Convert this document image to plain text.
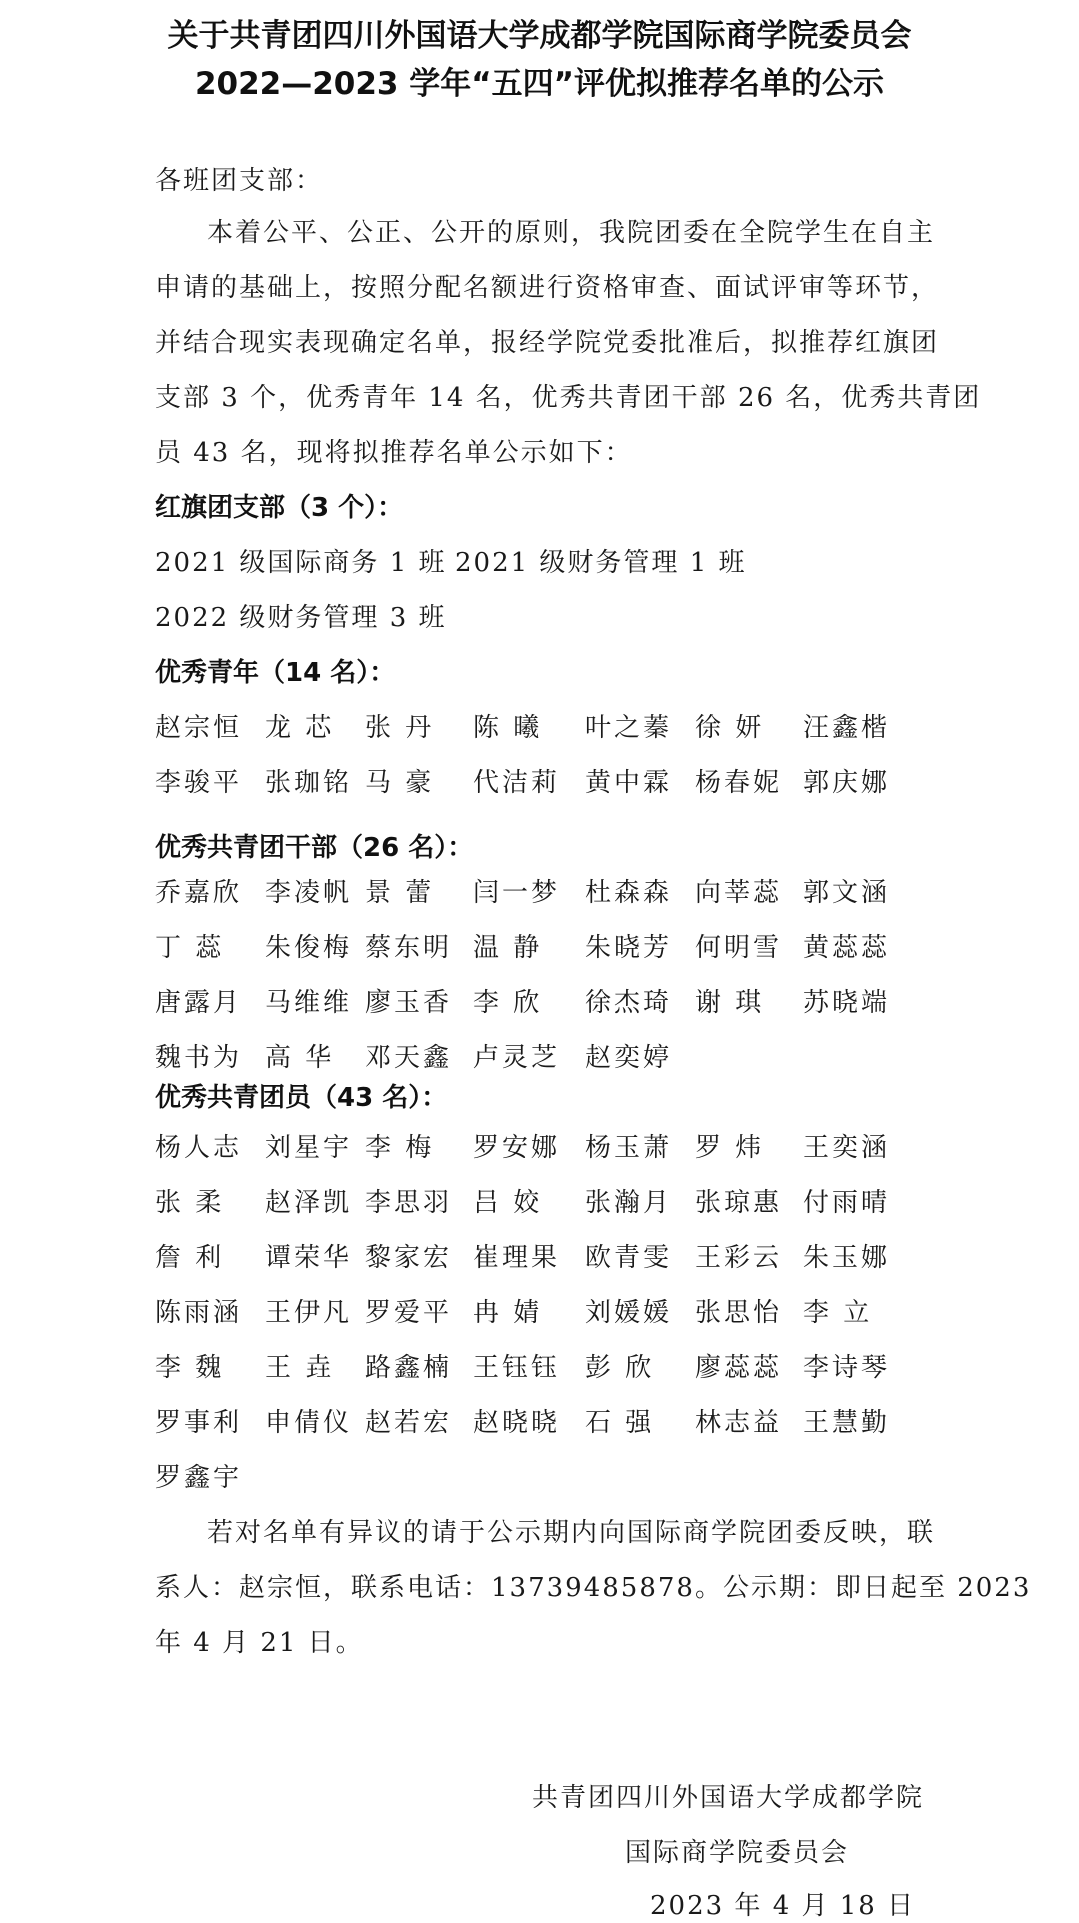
关于共青团四川外国语大学成都学院国际商学院委员会
2022—2023 学年“五四”评优拟推荐名单的公示
各班团支部：
本着公平、公正、公开的原则，我院团委在全院学生在自主
申请的基础上，按照分配名额进行资格审查、面试评审等环节，
并结合现实表现确定名单，报经学院党委批准后，拟推荐红旗团
支部 3 个，优秀青年 14 名，优秀共青团干部 26 名，优秀共青团
员 43 名，现将拟推荐名单公示如下：
红旗团支部（3 个）：
2021 级国际商务 1 班 2021 级财务管理 1 班
2022 级财务管理 3 班
优秀青年（14 名）：
赵宗恒 龙 芯 张 丹 陈 曦 叶之蓁 徐 妍 汪鑫楷
李骏平 张珈铭 马 豪 代洁莉 黄中霖 杨春妮 郭庆娜
优秀共青团干部（26 名）：
乔嘉欣 李凌帆 景 蕾 闫一梦 杜森森 向莘蕊 郭文涵
丁 蕊 朱俊梅 蔡东明 温 静 朱晓芳 何明雪 黄蕊蕊
唐露月 马维维 廖玉香 李 欣 徐杰琦 谢 琪 苏晓端
魏书为 高 华 邓天鑫 卢灵芝 赵奕婷
优秀共青团员（43 名）：
杨人志 刘星宇 李 梅 罗安娜 杨玉萧 罗 炜 王奕涵
张 柔 赵泽凯 李思羽 吕 姣 张瀚月 张琼惠 付雨晴
詹 利 谭荣华 黎家宏 崔理果 欧青雯 王彩云 朱玉娜
陈雨涵 王伊凡 罗爱平 冉 婧 刘媛媛 张思怡 李 立
李 魏 王 垚 路鑫楠 王钰钰 彭 欣 廖蕊蕊 李诗琴
罗事利 申倩仪 赵若宏 赵晓晓 石 强 林志益 王慧勤
罗鑫宇
若对名单有异议的请于公示期内向国际商学院团委反映，联
系人：赵宗恒，联系电话：13739485878。公示期：即日起至 2023
年 4 月 21 日。
共青团四川外国语大学成都学院
国际商学院委员会
2023 年 4 月 18 日
